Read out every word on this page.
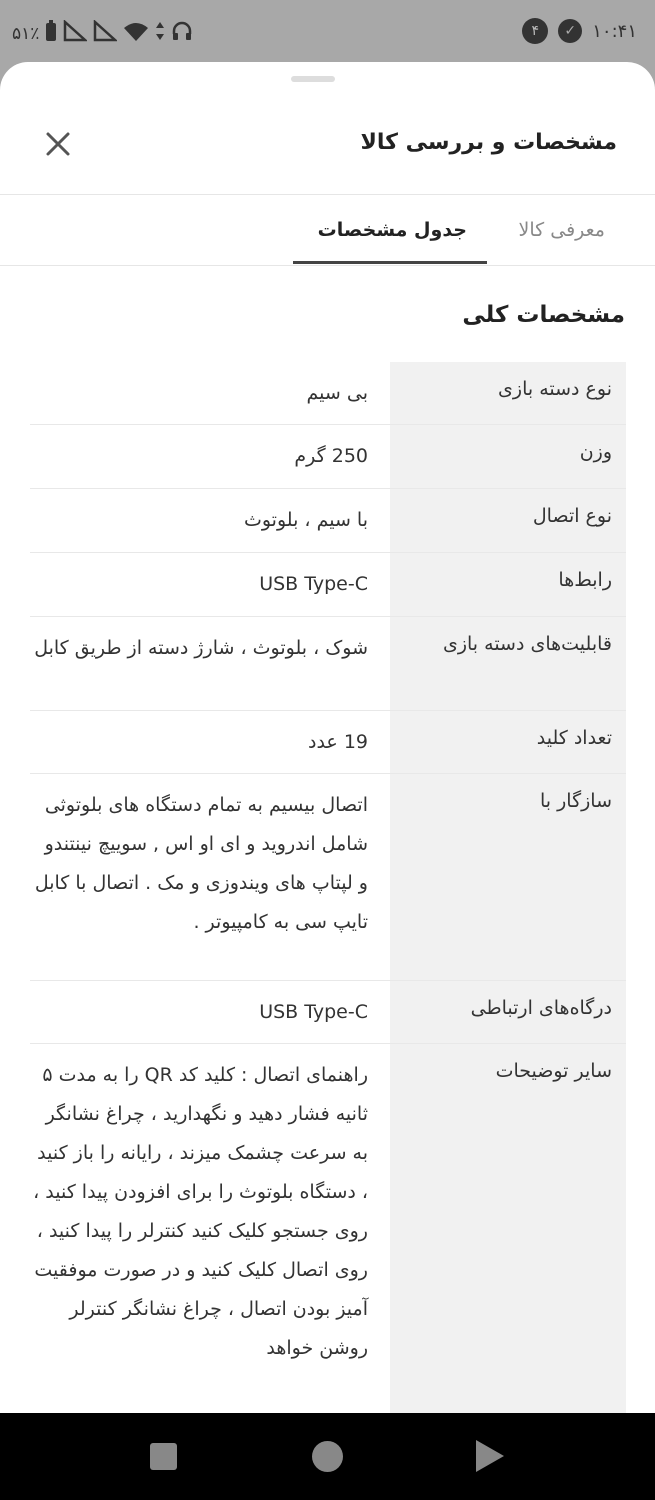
۵۱٪	۴	✓ ۱۰:۴۱
مشخصات و بررسی کالا
معرفی کالا
جدول مشخصات
مشخصات کلی
نوع دسته بازی
بی سیم
وزن
250 گرم
نوع اتصال
با سیم ، بلوتوث
رابط‌ها
USB Type-C
قابلیت‌های دسته بازی
شوک ، بلوتوث ، شارژ دسته از طریق کابل
تعداد کلید
19 عدد
سازگار با
اتصال بیسیم به تمام دستگاه های بلوتوثی شامل اندروید و ای او اس , سوییچ نینتندو و لپتاپ های ویندوزی و مک . اتصال با کابل تایپ سی به کامپیوتر .
درگاه‌های ارتباطی
USB Type-C
سایر توضیحات
راهنمای اتصال : کلید کد QR را به مدت ۵ ثانیه فشار دهید و نگهدارید ، چراغ نشانگر به سرعت چشمک میزند ، رایانه را باز کنید ، دستگاه بلوتوث را برای افزودن پیدا کنید ، روی جستجو کلیک کنید کنترلر را پیدا کنید ، روی اتصال کلیک کنید و در صورت موفقیت آمیز بودن اتصال ، چراغ نشانگر کنترلر روشن خواهد
